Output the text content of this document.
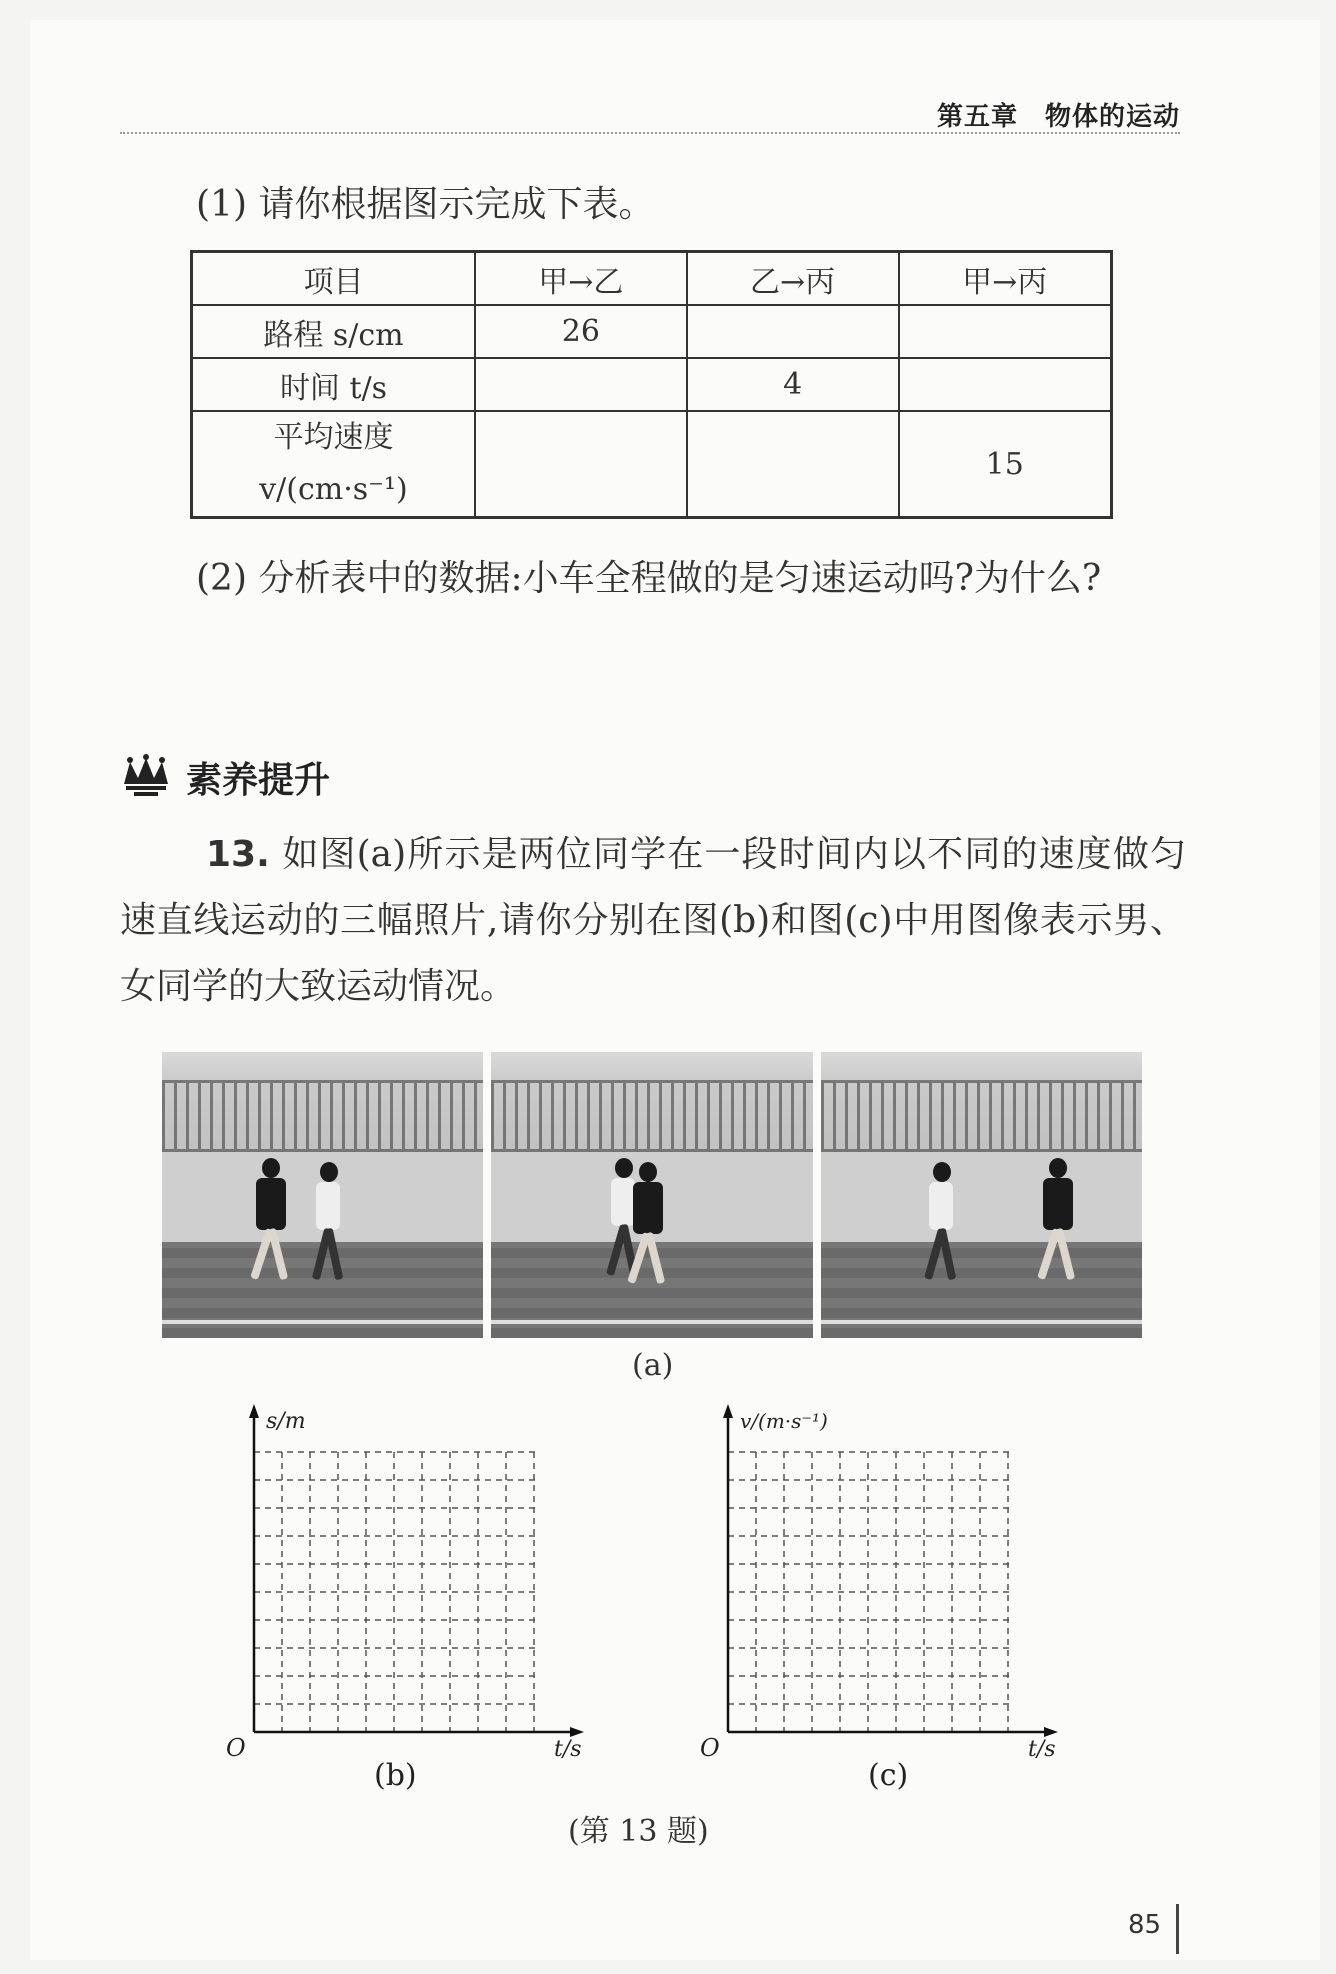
第五章　物体的运动
(1) 请你根据图示完成下表。
项目	甲→乙	乙→丙	甲→丙
路程 s/cm	26		
时间 t/s		4	

平均速度
v/(cm·s⁻¹)			15
(2) 分析表中的数据:小车全程做的是匀速运动吗?为什么?
素养提升
13. 如图(a)所示是两位同学在一段时间内以不同的速度做匀速直线运动的三幅照片,请你分别在图(b)和图(c)中用图像表示男、女同学的大致运动情况。
(a)
s/m
O	t/s
(b)
v/(m·s⁻¹)
O	t/s
(c)
(第 13 题)
85
